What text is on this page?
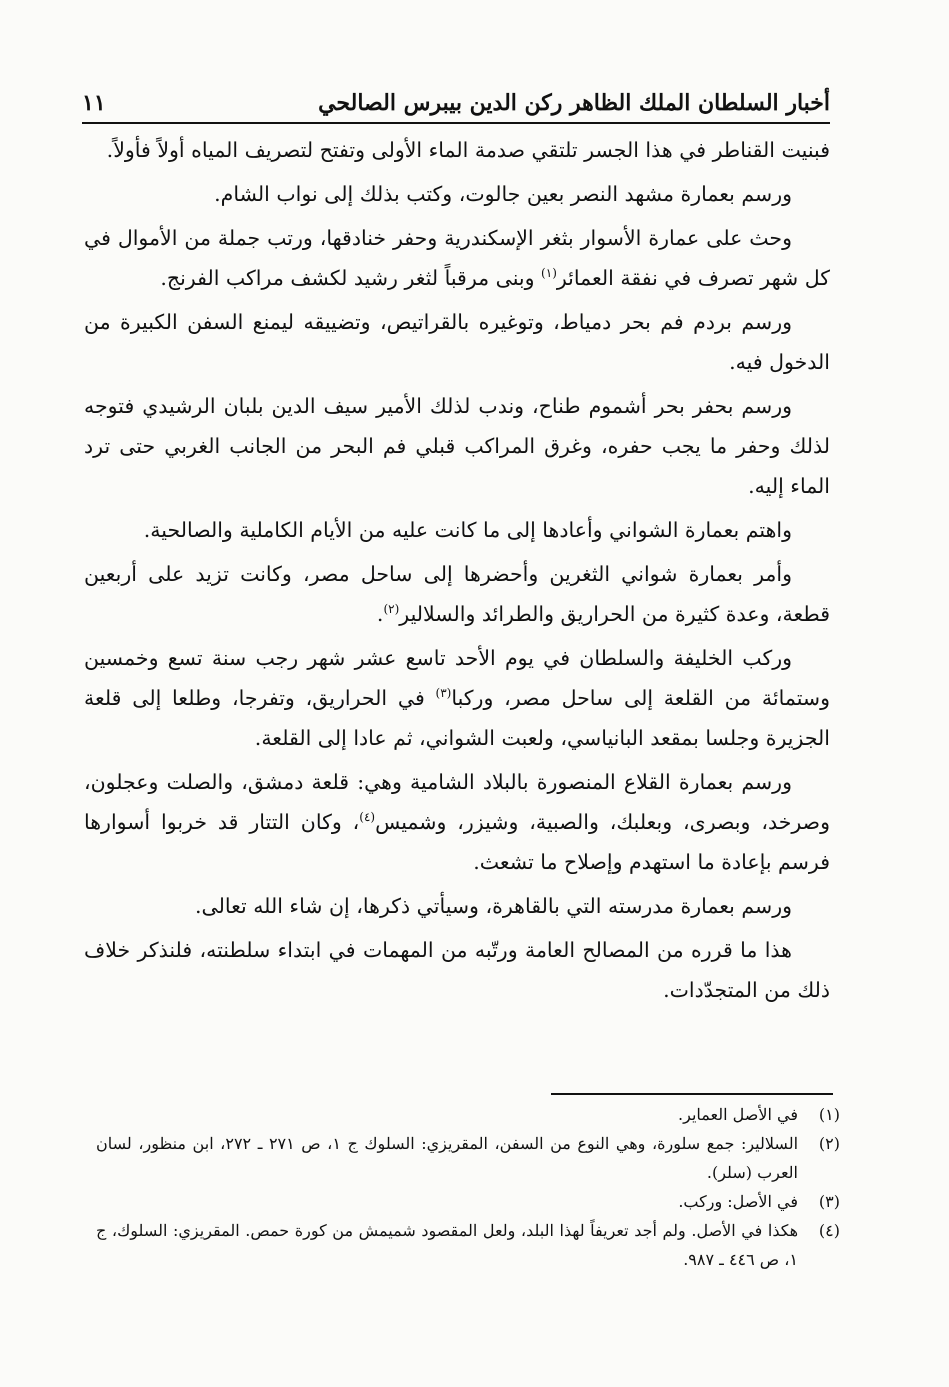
أخبار السلطان الملك الظاهر ركن الدين بيبرس الصالحي
١١

فبنيت القناطر في هذا الجسر تلتقي صدمة الماء الأولى وتفتح لتصريف المياه أولاً فأولاً.

ورسم بعمارة مشهد النصر بعين جالوت، وكتب بذلك إلى نواب الشام.

وحث على عمارة الأسوار بثغر الإسكندرية وحفر خنادقها، ورتب جملة من الأموال في كل شهر تصرف في نفقة العمائر$^{(١)}$ وبنى مرقباً لثغر رشيد لكشف مراكب الفرنج.

ورسم بردم فم بحر دمياط، وتوغيره بالقراتيص، وتضييقه ليمنع السفن الكبيرة من الدخول فيه.

ورسم بحفر بحر أشموم طناح، وندب لذلك الأمير سيف الدين بلبان الرشيدي فتوجه لذلك وحفر ما يجب حفره، وغرق المراكب قبلي فم البحر من الجانب الغربي حتى ترد الماء إليه.

واهتم بعمارة الشواني وأعادها إلى ما كانت عليه من الأيام الكاملية والصالحية.

وأمر بعمارة شواني الثغرين وأحضرها إلى ساحل مصر، وكانت تزيد على أربعين قطعة، وعدة كثيرة من الحراريق والطرائد والسلالير$^{(٢)}$.

وركب الخليفة والسلطان في يوم الأحد تاسع عشر شهر رجب سنة تسع وخمسين وستمائة من القلعة إلى ساحل مصر، وركبا$^{(٣)}$ في الحراريق، وتفرجا، وطلعا إلى قلعة الجزيرة وجلسا بمقعد البانياسي، ولعبت الشواني، ثم عادا إلى القلعة.

ورسم بعمارة القلاع المنصورة بالبلاد الشامية وهي: قلعة دمشق، والصلت وعجلون، وصرخد، وبصرى، وبعلبك، والصبية، وشيزر، وشميس$^{(٤)}$، وكان التتار قد خربوا أسوارها فرسم بإعادة ما استهدم وإصلاح ما تشعث.

ورسم بعمارة مدرسته التي بالقاهرة، وسيأتي ذكرها، إن شاء الله تعالى.

هذا ما قرره من المصالح العامة ورتّبه من المهمات في ابتداء سلطنته، فلنذكر خلاف ذلك من المتجدّدات.

(١)
في الأصل العماير.
(٢)
السلالير: جمع سلورة، وهي النوع من السفن، المقريزي: السلوك ج ١، ص ٢٧١ ـ ٢٧٢، ابن منظور، لسان العرب (سلر).
(٣)
في الأصل: وركب.
(٤)
هكذا في الأصل. ولم أجد تعريفاً لهذا البلد، ولعل المقصود شميمش من كورة حمص. المقريزي: السلوك، ج ١، ص ٤٤٦ ـ ٩٨٧.
